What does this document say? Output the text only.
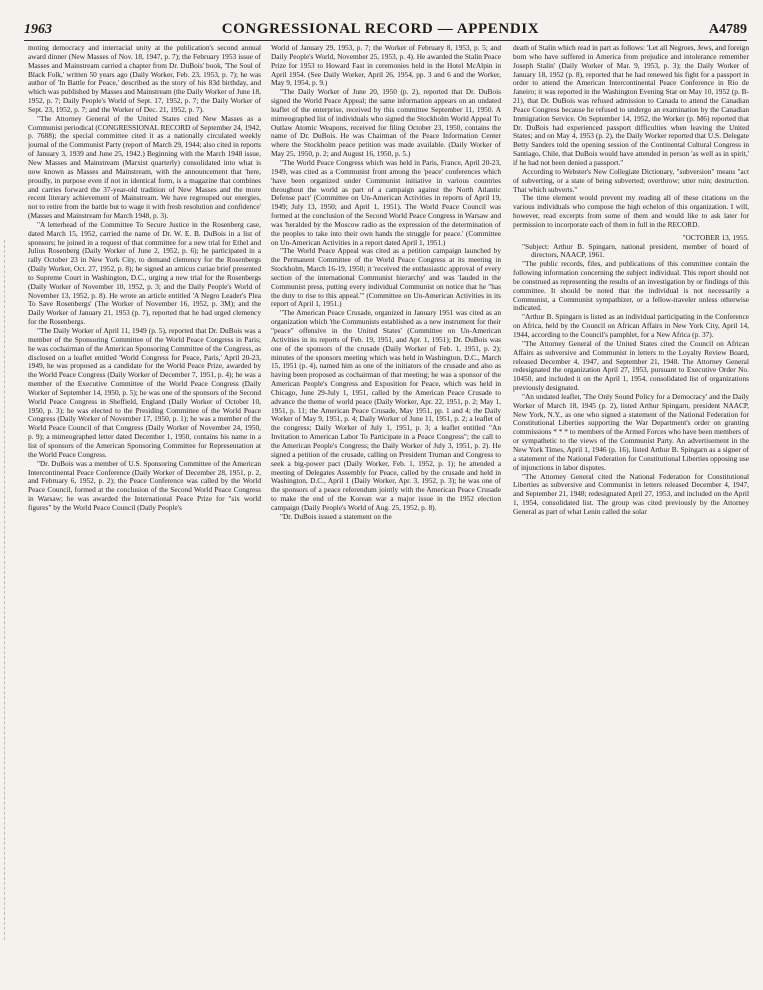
1963	CONGRESSIONAL RECORD — APPENDIX	A4789

moting democracy and interracial unity at the publication's second annual award dinner (New Masses of Nov. 18, 1947, p. 7); the February 1953 issue of Masses and Mainstream carried a chapter from Dr. DuBois' book, 'The Soul of Black Folk,' written 50 years ago (Daily Worker, Feb. 23, 1953, p. 7); he was author of 'In Battle for Peace,' described as the story of his 83d birthday, and which was published by Masses and Mainstream (the Daily Worker of June 18, 1952, p. 7; Daily People's World of Sept. 17, 1952, p. 7; the Daily Worker of Sept. 23, 1952, p. 7; and the Worker of Dec. 21, 1952, p. 7).

"The Attorney General of the United States cited New Masses as a Communist periodical (CONGRESSIONAL RECORD of September 24, 1942, p. 7688); the special committee cited it as a nationally circulated weekly journal of the Communist Party (report of March 29, 1944; also cited in reports of January 3, 1939 and June 25, 1942.) Beginning with the March 1948 issue, New Masses and Mainstream (Marxist quarterly) consolidated into what is now known as Masses and Mainstream, with the announcement that 'here, proudly, in purpose even if not in identical form, is a magazine that combines and carries forward the 37-year-old tradition of New Masses and the more recent literary achievement of Mainstream. We have regrouped our energies, not to retire from the battle but to wage it with fresh resolution and confidence' (Masses and Mainstream for March 1948, p. 3).

"A letterhead of the Committee To Secure Justice in the Rosenberg case, dated March 15, 1952, carried the name of Dr. W. E. B. DuBois in a list of sponsors; he joined in a request of that committee for a new trial for Ethel and Julius Rosenberg (Daily Worker of June 2, 1952, p. 6); he participated in a rally October 23 in New York City, to demand clemency for the Rosenbergs (Daily Worker, Oct. 27, 1952, p. 8); he signed an amicus curiae brief presented to Supreme Court in Washington, D.C., urging a new trial for the Rosenbergs (Daily Worker of November 10, 1952, p. 3; and the Daily People's World of November 13, 1952, p. 8). He wrote an article entitled 'A Negro Leader's Plea To Save Rosenbergs' (The Worker of November 16, 1952, p. 3M); and the Daily Worker of January 21, 1953 (p. 7), reported that he had urged clemency for the Rosenbergs.

"The Daily Worker of April 11, 1949 (p. 5), reported that Dr. DuBois was a member of the Sponsoring Committee of the World Peace Congress in Paris; he was cochairman of the American Sponsoring Committee of the Congress, as disclosed on a leaflet entitled 'World Congress for Peace, Paris,' April 20-23, 1949, he was proposed as a candidate for the World Peace Prize, awarded by the World Peace Congress (Daily Worker of December 7, 1951, p. 4); he was a member of the Executive Committee of the World Peace Congress (Daily Worker of September 14, 1950, p. 5); he was one of the sponsors of the Second World Peace Congress in Sheffield, England (Daily Worker of October 10, 1950, p. 3); he was elected to the Presiding Committee of the World Peace Congress (Daily Worker of November 17, 1950, p. 1); he was a member of the World Peace Council of that Congress (Daily Worker of November 24, 1950, p. 9); a mimeographed letter dated December 1, 1950, contains his name in a list of sponsors of the American Sponsoring Committee for Representation at the World Peace Congress.

"Dr. DuBois was a member of U.S. Sponsoring Committee of the American Intercontinental Peace Conference (Daily Worker of December 28, 1951, p. 2, and February 6, 1952, p. 2); the Peace Conference was called by the World Peace Council, formed at the conclusion of the Second World Peace Congress in Warsaw; he was awarded the International Peace Prize for "six world figures" by the World Peace Council (Daily People's

World of January 29, 1953, p. 7; the Worker of February 8, 1953, p. 5; and Daily People's World, November 25, 1953, p. 4). He awarded the Stalin Peace Prize for 1953 to Howard Fast in ceremonies held in the Hotel McAlpin in April 1954. (See Daily Worker, April 26, 1954, pp. 3 and 6 and the Worker, May 9, 1954, p. 9.)

"The Daily Worker of June 20, 1950 (p. 2), reported that Dr. DuBois signed the World Peace Appeal; the same information appears on an undated leaflet of the enterprise, received by this committee September 11, 1950. A mimeographed list of individuals who signed the Stockholm World Appeal To Outlaw Atomic Weapons, received for filing October 23, 1950, contains the name of Dr. DuBois. He was Chairman of the Peace Information Center where the Stockholm peace petition was made available. (Daily Worker of May 25, 1950, p. 2; and August 16, 1950, p. 5.)

"The World Peace Congress which was held in Paris, France, April 20-23, 1949, was cited as a Communist front among the 'peace' conferences which 'have been organized under Communist initiative in various countries throughout the world as part of a campaign against the North Atlantic Defense pact' (Committee on Un-American Activities in reports of April 19, 1949; July 13, 1950; and April 1, 1951). The World Peace Council was formed at the conclusion of the Second World Peace Congress in Warsaw and was 'heralded by the Moscow radio as the expression of the determination of the peoples to take into their own hands the struggle for peace.' (Committee on Un-American Activities in a report dated April 1, 1951.)

"The World Peace Appeal was cited as a petition campaign launched by the Permanent Committee of the World Peace Congress at its meeting in Stockholm, March 16-19, 1950; it 'received the enthusiastic approval of every section of the international Communist hierarchy' and was 'lauded in the Communist press, putting every individual Communist on notice that he "has the duty to rise to this appeal."' (Committee on Un-American Activities in its report of April 1, 1951.)

"The American Peace Crusade, organized in January 1951 was cited as an organization which 'the Communists established as a new instrument for their "peace" offensive in the United States' (Committee on Un-American Activities in its reports of Feb. 19, 1951, and Apr. 1, 1951); Dr. DuBois was one of the sponsors of the crusade (Daily Worker of Feb. 1, 1951, p. 2); minutes of the sponsors meeting which was held in Washington, D.C., March 15, 1951 (p. 4), named him as one of the initiators of the crusade and also as having been proposed as cochairman of that meeting; he was a sponsor of the American People's Congress and Exposition for Peace, which was held in Chicago, June 29-July 1, 1951, called by the American Peace Crusade to advance the theme of world peace (Daily Worker, Apr. 22, 1951, p. 2; May 1, 1951, p. 11; the American Peace Crusade, May 1951, pp. 1 and 4; the Daily Worker of May 9, 1951, p. 4; Daily Worker of June 11, 1951, p. 2; a leaflet of the congress; Daily Worker of July 1, 1951, p. 3; a leaflet entitled "An Invitation to American Labor To Participate in a Peace Congress"; the call to the American People's Congress; the Daily Worker of July 3, 1951, p. 2). He signed a petition of the crusade, calling on President Truman and Congress to seek a big-power pact (Daily Worker, Feb. 1, 1952, p. 1); he attended a meeting of Delegates Assembly for Peace, called by the crusade and held in Washington, D.C., April 1 (Daily Worker, Apr. 3, 1952, p. 3); he was one of the sponsors of a peace referendum jointly with the American Peace Crusade to make the end of the Korean war a major issue in the 1952 election campaign (Daily People's World of Aug. 25, 1952, p. 8).

"Dr. DuBois issued a statement on the

death of Stalin which read in part as follows: 'Let all Negroes, Jews, and foreign born who have suffered in America from prejudice and intolerance remember Joseph Stalin' (Daily Worker of Mar. 9, 1953, p. 3); the Daily Worker of January 18, 1952 (p. 8), reported that he had renewed his fight for a passport in order to attend the American Intercontinental Peace Conference in Rio de Janeiro; it was reported in the Washington Evening Star on May 10, 1952 (p. B-21), that Dr. DuBois was refused admission to Canada to attend the Canadian Peace Congress because he refused to undergo an examination by the Canadian Immigration Service. On September 14, 1952, the Worker (p. M6) reported that Dr. DuBois had experienced passport difficulties when leaving the United States; and on May 4, 1953 (p. 2), the Daily Worker reported that U.S. Delegate Betty Sanders told the opening session of the Continental Cultural Congress in Santiago, Chile, that DuBois would have attended in person 'as well as in spirit,' if he had not been denied a passport."

According to Webster's New Collegiate Dictionary, "subversion" means "act of subverting, or a state of being subverted; overthrow; utter ruin; destruction. That which subverts."

The time element would prevent my reading all of these citations on the various individuals who compose the high echelon of this organization. I will, however, read excerpts from some of them and would like to ask later for permission to incorporate each of them in full in the RECORD.

"OCTOBER 13, 1955.

"Subject: Arthur B. Spingarn, national president, member of board of directors, NAACP, 1961.

"The public records, files, and publications of this committee contain the following information concerning the subject individual. This report should not be construed as representing the results of an investigation by or findings of this committee. It should be noted that the individual is not necessarily a Communist, a Communist sympathizer, or a fellow-traveler unless otherwise indicated.

"Arthur B. Spingarn is listed as an individual participating in the Conference on Africa, held by the Council on African Affairs in New York City, April 14, 1944, according to the Council's pamphlet, for a New Africa (p. 37).

"The Attorney General of the United States cited the Council on African Affairs as subversive and Communist in letters to the Loyalty Review Board, released December 4, 1947, and September 21, 1948. The Attorney General redesignated the organization April 27, 1953, pursuant to Executive Order No. 10450, and included it on the April 1, 1954, consolidated list of organizations previously designated.

"An undated leaflet, 'The Only Sound Policy for a Democracy' and the Daily Worker of March 18, 1945 (p. 2), listed Arthur Spingarn, president NAACP, New York, N.Y., as one who signed a statement of the National Federation for Constitutional Liberties supporting the War Department's order on granting commissions * * * to members of the Armed Forces who have been members of or sympathetic to the views of the Communist Party. An advertisement in the New York Times, April 1, 1946 (p. 16), listed Arthur B. Spingarn as a signer of a statement of the National Federation for Constitutional Liberties opposing use of injunctions in labor disputes.

"The Attorney General cited the National Federation for Constitutional Liberties as subversive and Communist in letters released December 4, 1947, and September 21, 1948; redesignated April 27, 1953, and included on the April 1, 1954, consolidated list. The group was cited previously by the Attorney General as part of what Lenin called the solar
